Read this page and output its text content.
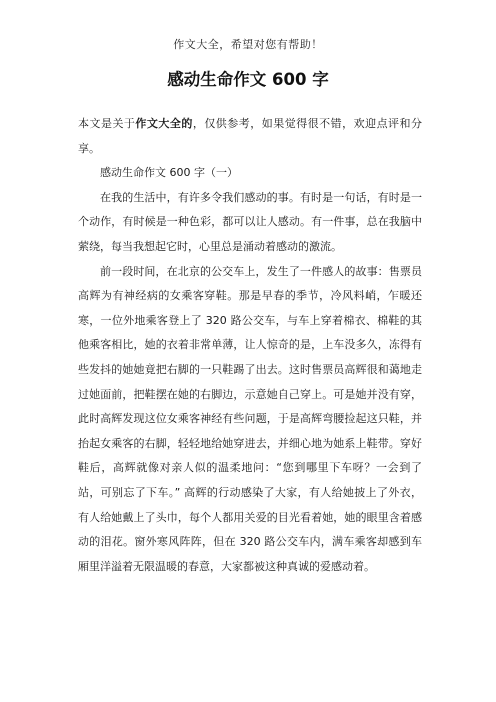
作文大全，希望对您有帮助！
感动生命作文 600 字

本文是关于作文大全的，仅供参考，如果觉得很不错，欢迎点评和分享。

感动生命作文 600 字（一）

在我的生活中，有许多令我们感动的事。有时是一句话，有时是一个动作，有时候是一种色彩，都可以让人感动。有一件事，总在我脑中萦绕，每当我想起它时，心里总是涌动着感动的激流。

前一段时间，在北京的公交车上，发生了一件感人的故事：售票员高辉为有神经病的女乘客穿鞋。那是早春的季节，冷风料峭，乍暖还寒，一位外地乘客登上了 320 路公交车，与车上穿着棉衣、棉鞋的其他乘客相比，她的衣着非常单薄，让人惊奇的是，上车没多久，冻得有些发抖的她她竟把右脚的一只鞋踢了出去。这时售票员高辉很和蔼地走过她面前，把鞋摆在她的右脚边，示意她自己穿上。可是她并没有穿，此时高辉发现这位女乘客神经有些问题，于是高辉弯腰捡起这只鞋，并抬起女乘客的右脚，轻轻地给她穿进去，并细心地为她系上鞋带。穿好鞋后，高辉就像对亲人似的温柔地问：“您到哪里下车呀？一会到了站，可别忘了下车。” 高辉的行动感染了大家，有人给她披上了外衣，有人给她戴上了头巾，每个人都用关爱的目光看着她，她的眼里含着感动的泪花。窗外寒风阵阵，但在 320 路公交车内，满车乘客却感到车厢里洋溢着无限温暖的春意，大家都被这种真诚的爱感动着。
